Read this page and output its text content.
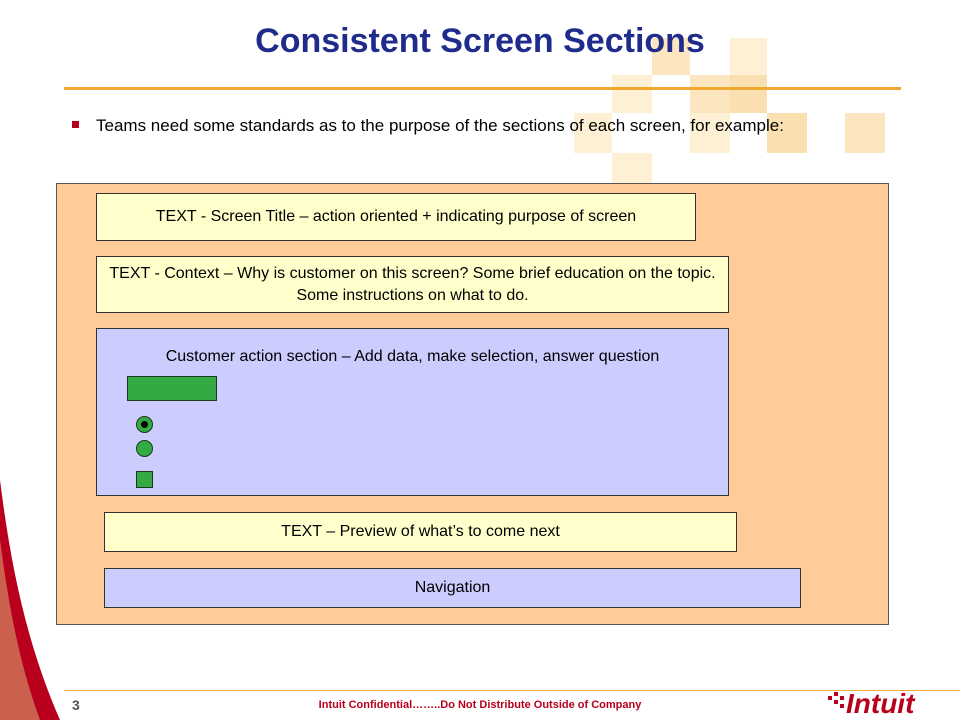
Consistent Screen Sections
Teams need some standards as to the purpose of the sections of each screen, for example:
TEXT - Screen Title – action oriented + indicating purpose of screen
TEXT - Context – Why is customer on this screen? Some brief education on the topic. Some instructions on what to do.
Customer action section – Add data, make selection, answer question
TEXT – Preview of what’s to come next
Navigation
3	Intuit Confidential……..Do Not Distribute Outside of Company	Intuit
